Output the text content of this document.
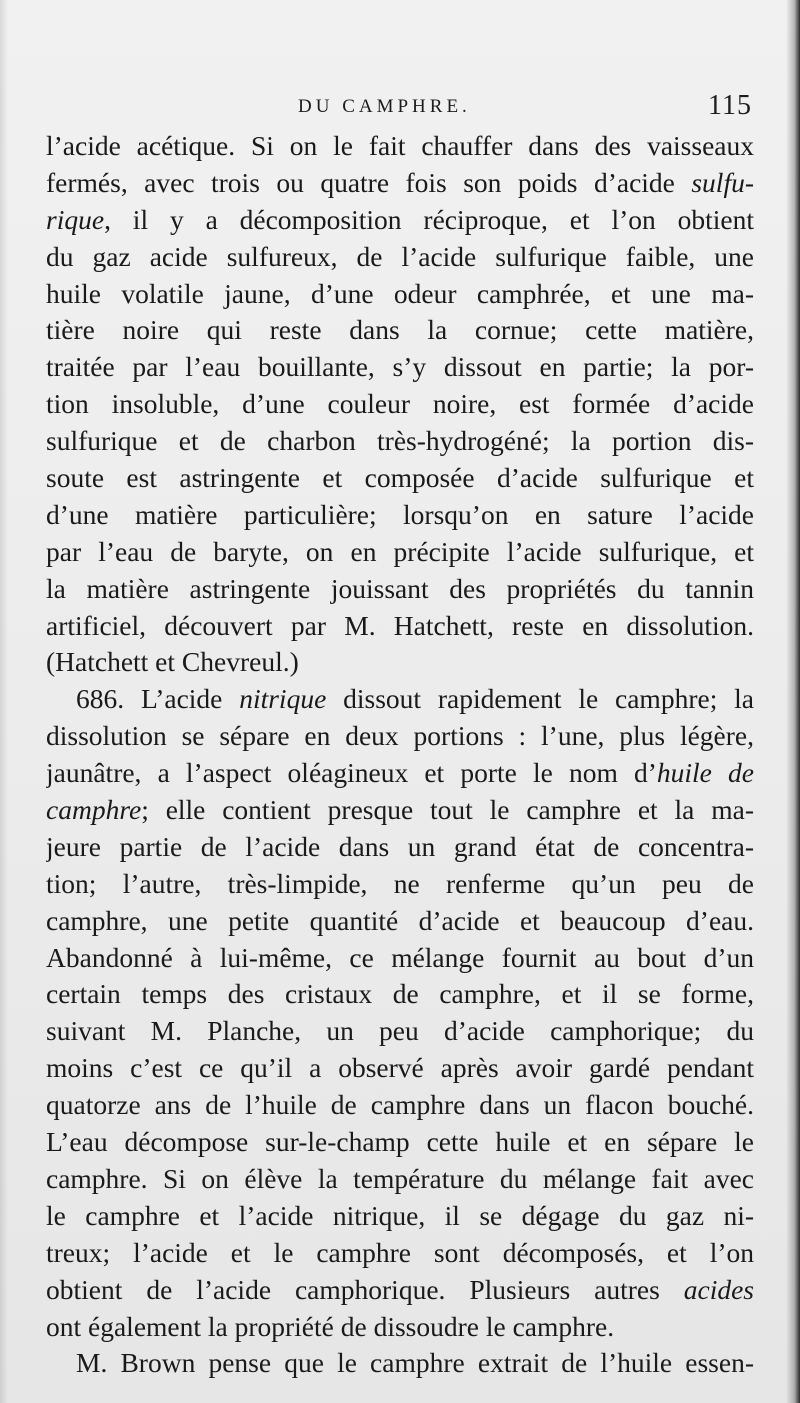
DU CAMPHRE.	115
l’acide acétique. Si on le fait chauffer dans des vaisseaux
fermés, avec trois ou quatre fois son poids d’acide sulfu-
rique, il y a décomposition réciproque, et l’on obtient
du gaz acide sulfureux, de l’acide sulfurique faible, une
huile volatile jaune, d’une odeur camphrée, et une ma-
tière noire qui reste dans la cornue; cette matière,
traitée par l’eau bouillante, s’y dissout en partie; la por-
tion insoluble, d’une couleur noire, est formée d’acide
sulfurique et de charbon très-hydrogéné; la portion dis-
soute est astringente et composée d’acide sulfurique et
d’une matière particulière; lorsqu’on en sature l’acide
par l’eau de baryte, on en précipite l’acide sulfurique, et
la matière astringente jouissant des propriétés du tannin
artificiel, découvert par M. Hatchett, reste en dissolution.
(Hatchett et Chevreul.)
686. L’acide nitrique dissout rapidement le camphre; la
dissolution se sépare en deux portions : l’une, plus légère,
jaunâtre, a l’aspect oléagineux et porte le nom d’huile de
camphre; elle contient presque tout le camphre et la ma-
jeure partie de l’acide dans un grand état de concentra-
tion; l’autre, très-limpide, ne renferme qu’un peu de
camphre, une petite quantité d’acide et beaucoup d’eau.
Abandonné à lui-même, ce mélange fournit au bout d’un
certain temps des cristaux de camphre, et il se forme,
suivant M. Planche, un peu d’acide camphorique; du
moins c’est ce qu’il a observé après avoir gardé pendant
quatorze ans de l’huile de camphre dans un flacon bouché.
L’eau décompose sur-le-champ cette huile et en sépare le
camphre. Si on élève la température du mélange fait avec
le camphre et l’acide nitrique, il se dégage du gaz ni-
treux; l’acide et le camphre sont décomposés, et l’on
obtient de l’acide camphorique. Plusieurs autres acides
ont également la propriété de dissoudre le camphre.
M. Brown pense que le camphre extrait de l’huile essen-
